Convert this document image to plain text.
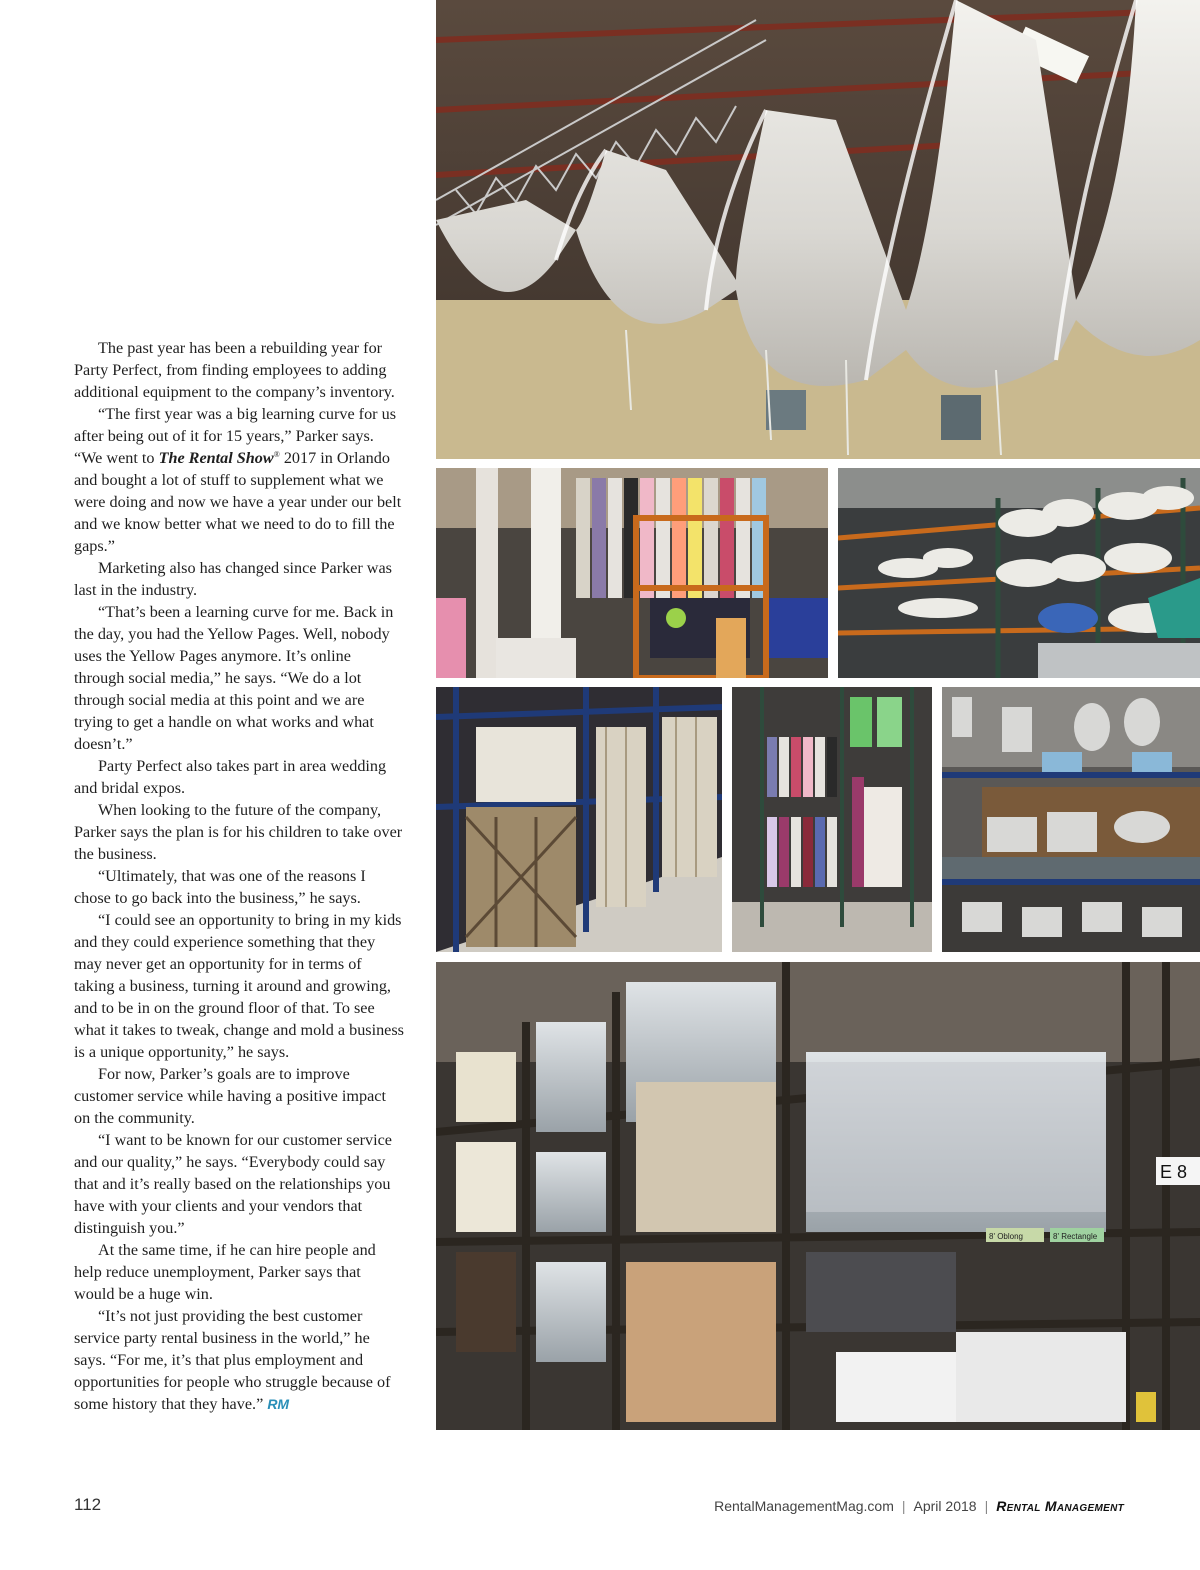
The past year has been a rebuilding year for Party Perfect, from finding employees to adding additional equipment to the company’s inventory.

“The first year was a big learning curve for us after being out of it for 15 years,” Parker says. “We went to The Rental Show® 2017 in Orlando and bought a lot of stuff to supplement what we were doing and now we have a year under our belt and we know better what we need to do to fill the gaps.”

Marketing also has changed since Parker was last in the industry.

“That’s been a learning curve for me. Back in the day, you had the Yellow Pages. Well, nobody uses the Yellow Pages anymore. It’s online through social media,” he says. “We do a lot through social media at this point and we are trying to get a handle on what works and what doesn’t.”

Party Perfect also takes part in area wedding and bridal expos.

When looking to the future of the company, Parker says the plan is for his children to take over the business.

“Ultimately, that was one of the reasons I chose to go back into the business,” he says.

“I could see an opportunity to bring in my kids and they could experience something that they may never get an opportunity for in terms of taking a business, turning it around and growing, and to be in on the ground floor of that. To see what it takes to tweak, change and mold a business is a unique opportunity,” he says.

For now, Parker’s goals are to improve customer service while having a positive impact on the community.

“I want to be known for our customer service and our quality,” he says. “Everybody could say that and it’s really based on the relationships you have with your clients and your vendors that distinguish you.”

At the same time, if he can hire people and help reduce unemployment, Parker says that would be a huge win.

“It’s not just providing the best customer service party rental business in the world,” he says. “For me, it’s that plus employment and opportunities for people who struggle because of some history that they have.” RM

E 8
8' Oblong	8' Rectangle
112	RentalManagementMag.com | April 2018 | Rental Management
